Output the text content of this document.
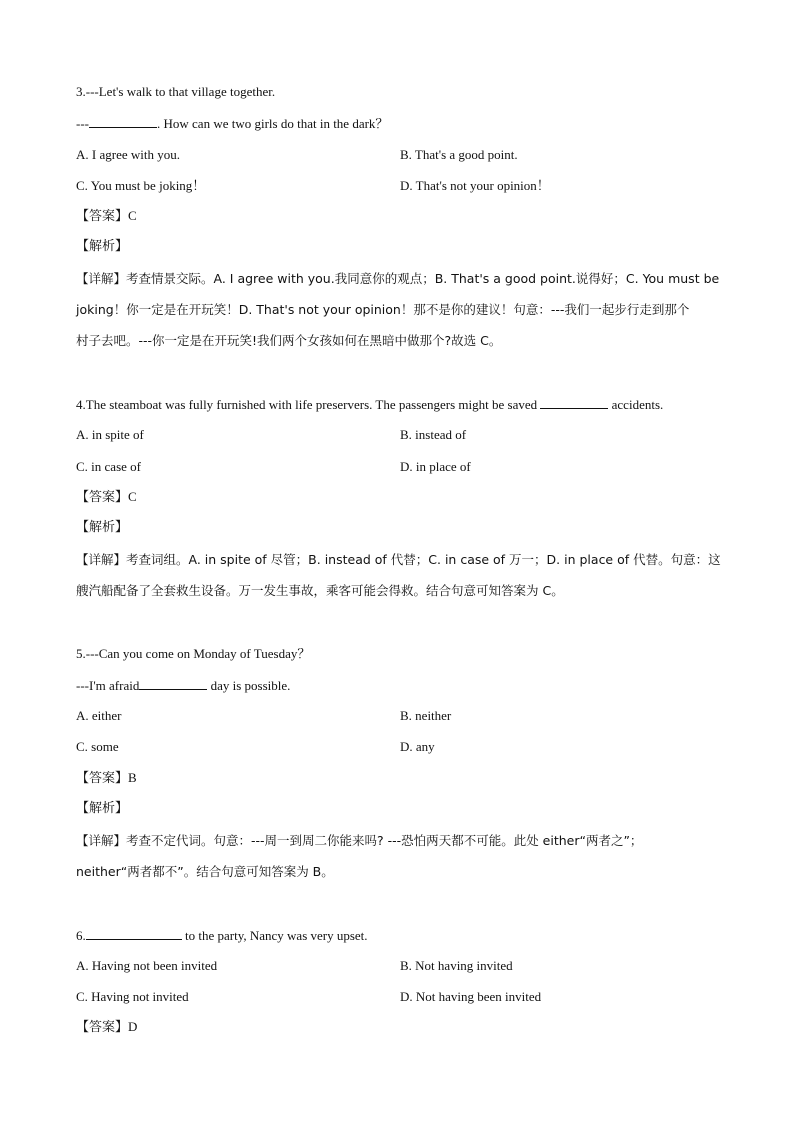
3.---Let's walk to that village together.
---	. How can we two girls do that in the dark？
A. I agree with you.	B. That's a good point.
C. You must be joking！	D. That's not your opinion！
【答案】C
【解析】
【详解】考查情景交际。A. I agree with you.我同意你的观点；B. That's a good point.说得好；C. You must be
joking！你一定是在开玩笑！D. That's not your opinion！那不是你的建议！句意：---我们一起步行走到那个
村子去吧。---你一定是在开玩笑!我们两个女孩如何在黑暗中做那个?故选 C。
4.The steamboat was fully furnished with life preservers. The passengers might be saved	accidents.
A. in spite of	B. instead of
C. in case of	D. in place of
【答案】C
【解析】
【详解】考查词组。A. in spite of 尽管；B. instead of 代替；C. in case of 万一；D. in place of 代替。句意：这
艘汽船配备了全套救生设备。万一发生事故，乘客可能会得救。结合句意可知答案为 C。
5.---Can you come on Monday of Tuesday？
---I'm afraid	day is possible.
A. either	B. neither
C. some	D. any
【答案】B
【解析】
【详解】考查不定代词。句意：---周一到周二你能来吗? ---恐怕两天都不可能。此处 either“两者之”；
neither“两者都不”。结合句意可知答案为 B。
6.	to the party, Nancy was very upset.
A. Having not been invited	B. Not having invited
C. Having not invited	D. Not having been invited
【答案】D
